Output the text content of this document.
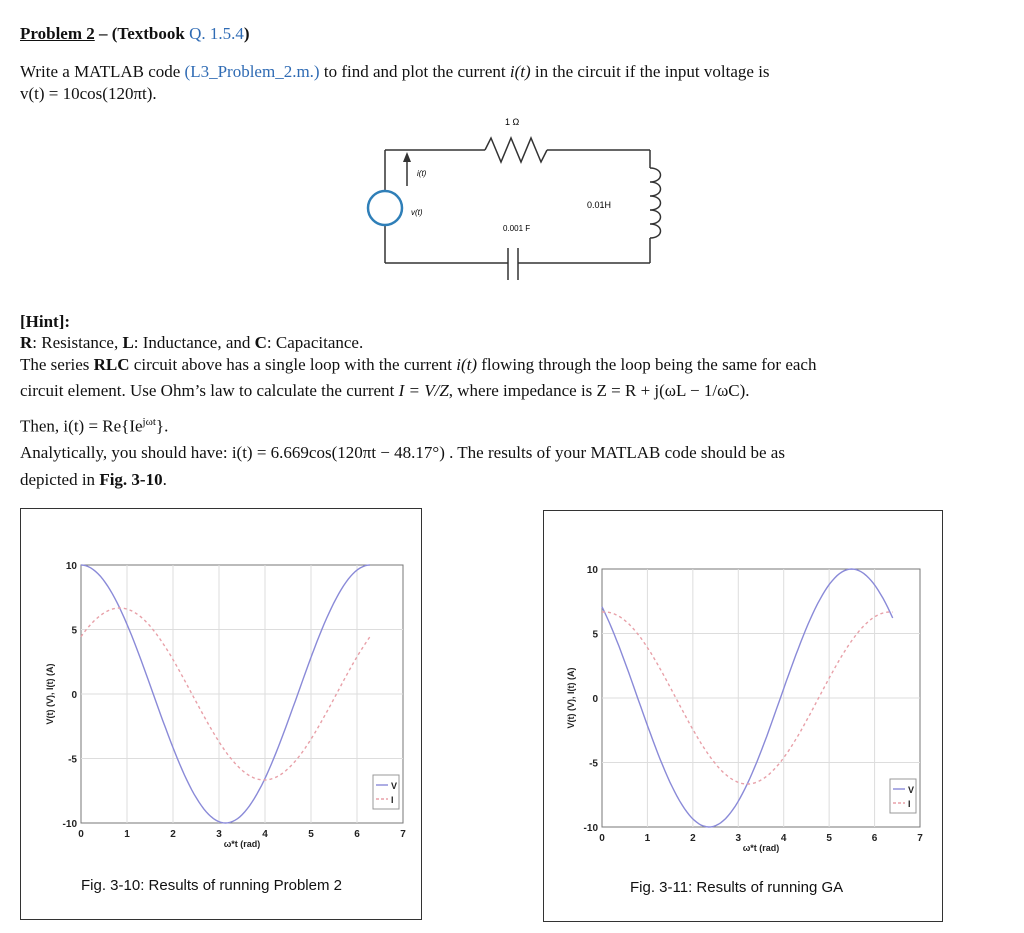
Problem 2 – (Textbook Q. 1.5.4)
Write a MATLAB code (L3_Problem_2.m.) to find and plot the current i(t) in the circuit if the input voltage is
v(t) = 10cos(120πt).
1 Ω
i(t)
v(t)
0.01H
0.001 F
[Hint]:
R: Resistance, L: Inductance, and C: Capacitance.
The series RLC circuit above has a single loop with the current i(t) flowing through the loop being the same for each
circuit element. Use Ohm’s law to calculate the current I = V/Z, where impedance is Z = R + j(ωL − 1/ωC).
Then, $i(t) = Re\{Ie^{j\omega t}\}$.
Analytically, you should have: i(t) = 6.669cos(120πt − 48.17°) . The results of your MATLAB code should be as
depicted in Fig. 3-10.
0	1	2	3	4	5	6	7
10
5
0
-5
-10
ω*t (rad)
V(t) (V), I(t) (A)
V
I
Fig. 3-10: Results of running Problem 2
0	1	2	3	4	5	6	7
10
5
0
-5
-10
ω*t (rad)
V(t) (V), I(t) (A)
V
I
Fig. 3-11: Results of running GA
